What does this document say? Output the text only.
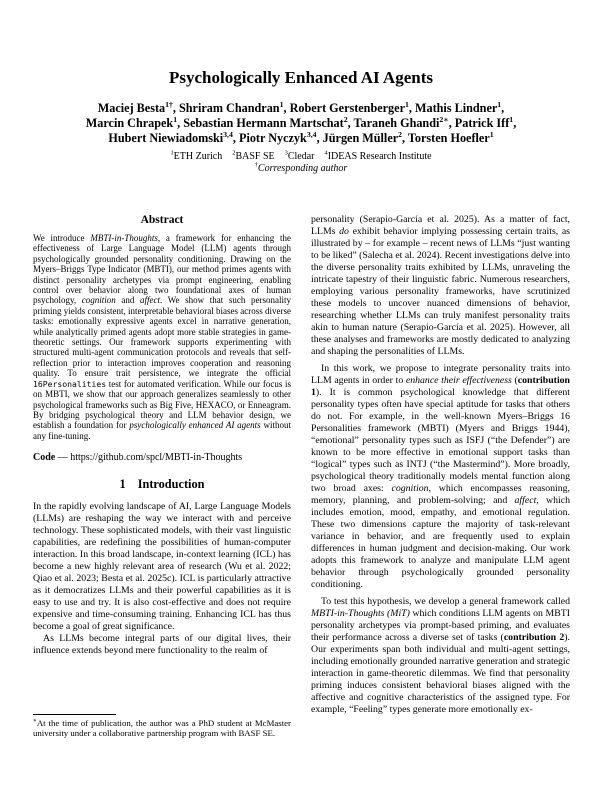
Psychologically Enhanced AI Agents
Maciej Besta$^{1\dagger}$, Shriram Chandran$^1$, Robert Gerstenberger$^1$, Mathis Lindner$^1$,
Marcin Chrapek$^1$, Sebastian Hermann Martschat$^2$, Taraneh Ghandi$^{2∗}$, Patrick Iff$^1$,
Hubert Niewiadomski$^{3,4}$, Piotr Nyczyk$^{3,4}$, Jürgen Müller$^2$, Torsten Hoefler$^1$
$^1$ETH Zurich  $^2$BASF SE  $^3$Cledar  $^4$IDEAS Research Institute
†Corresponding author
Abstract

We introduce MBTI-in-Thoughts, a framework for enhancing the effectiveness of Large Language Model (LLM) agents through psychologically grounded personality conditioning. Drawing on the Myers–Briggs Type Indicator (MBTI), our method primes agents with distinct personality archetypes via prompt engineering, enabling control over behavior along two foundational axes of human psychology, cognition and affect. We show that such personality priming yields consistent, interpretable behavioral biases across diverse tasks: emotionally expressive agents excel in narrative generation, while analytically primed agents adopt more stable strategies in game-theoretic settings. Our framework supports experimenting with structured multi-agent communication protocols and reveals that self-reflection prior to interaction improves cooperation and reasoning quality. To ensure trait persistence, we integrate the official 16Personalities test for automated verification. While our focus is on MBTI, we show that our approach generalizes seamlessly to other psychological frameworks such as Big Five, HEXACO, or Enneagram. By bridging psychological theory and LLM behavior design, we establish a foundation for psychologically enhanced AI agents without any fine-tuning.

Code — https://github.com/spcl/MBTI-in-Thoughts

1 Introduction

In the rapidly evolving landscape of AI, Large Language Models (LLMs) are reshaping the way we interact with and perceive technology. These sophisticated models, with their vast linguistic capabilities, are redefining the possibilities of human-computer interaction. In this broad landscape, in-context learning (ICL) has become a new highly relevant area of research (Wu et al. 2022; Qiao et al. 2023; Besta et al. 2025c). ICL is particularly attractive as it democratizes LLMs and their powerful capabilities as it is easy to use and try. It is also cost-effective and does not require expensive and time-consuming training. Enhancing ICL has thus become a goal of great significance.

As LLMs become integral parts of our digital lives, their influence extends beyond mere functionality to the realm of

personality (Serapio-García et al. 2025). As a matter of fact, LLMs do exhibit behavior implying possessing certain traits, as illustrated by – for example – recent news of LLMs “just wanting to be liked” (Salecha et al. 2024). Recent investigations delve into the diverse personality traits exhibited by LLMs, unraveling the intricate tapestry of their linguistic fabric. Numerous researchers, employing various personality frameworks, have scrutinized these models to uncover nuanced dimensions of behavior, researching whether LLMs can truly manifest personality traits akin to human nature (Serapio-García et al. 2025). However, all these analyses and frameworks are mostly dedicated to analyzing and shaping the personalities of LLMs.

In this work, we propose to integrate personality traits into LLM agents in order to enhance their effectiveness (contribution 1). It is common psychological knowledge that different personality types often have special aptitude for tasks that others do not. For example, in the well-known Myers–Briggs 16 Personalities framework (MBTI) (Myers and Briggs 1944), “emotional” personality types such as ISFJ (“the Defender”) are known to be more effective in emotional support tasks than “logical” types such as INTJ (“the Mastermind”). More broadly, psychological theory traditionally models mental function along two broad axes: cognition, which encompasses reasoning, memory, planning, and problem-solving; and affect, which includes emotion, mood, empathy, and emotional regulation. These two dimensions capture the majority of task-relevant variance in behavior, and are frequently used to explain differences in human judgment and decision-making. Our work adopts this framework to analyze and manipulate LLM agent behavior through psychologically grounded personality conditioning.

To test this hypothesis, we develop a general framework called MBTI-in-Thoughts (MiT) which conditions LLM agents on MBTI personality archetypes via prompt-based priming, and evaluates their performance across a diverse set of tasks (contribution 2). Our experiments span both individual and multi-agent settings, including emotionally grounded narrative generation and strategic interaction in game-theoretic dilemmas. We find that personality priming induces consistent behavioral biases aligned with the affective and cognitive characteristics of the assigned type. For example, “Feeling” types generate more emotionally ex-

∗At the time of publication, the author was a PhD student at McMaster university under a collaborative partnership program with BASF SE.
